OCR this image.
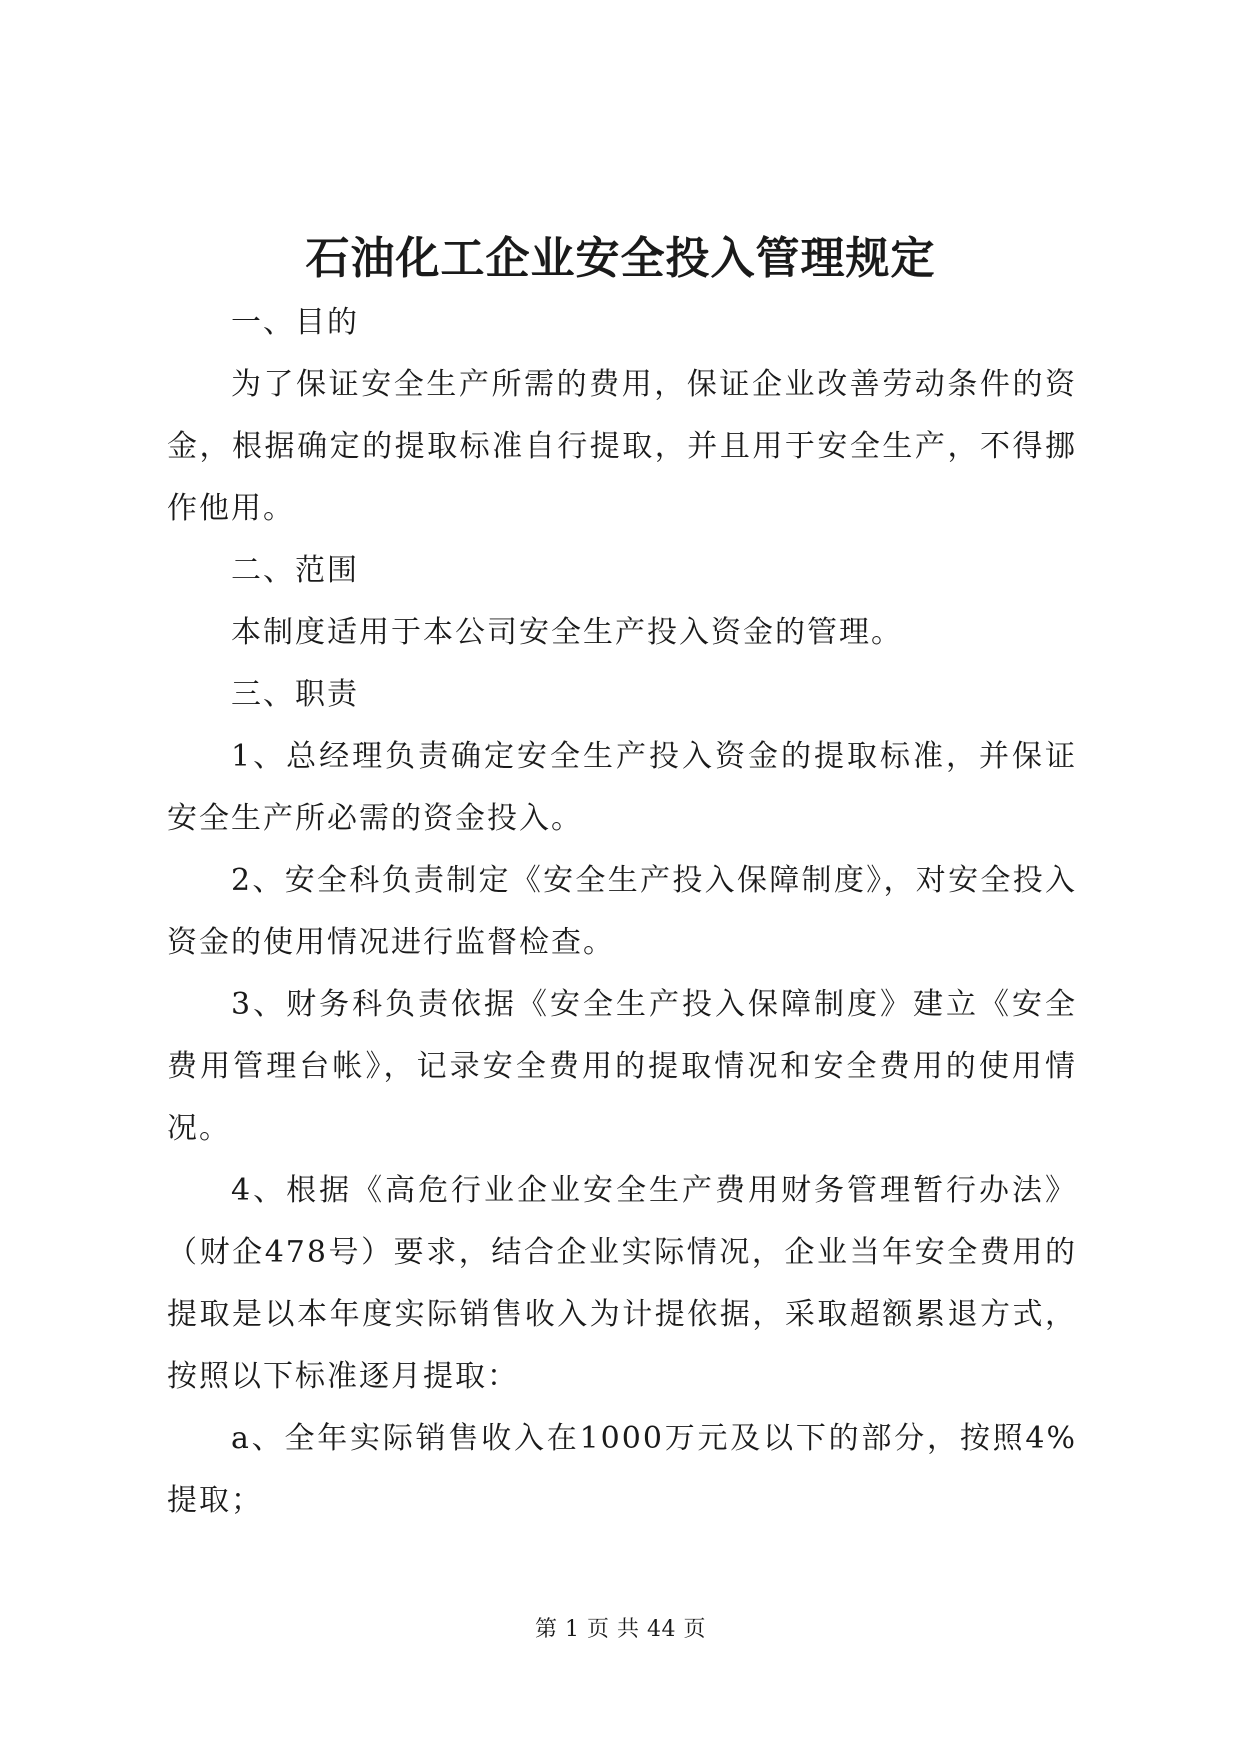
石油化工企业安全投入管理规定

一、目的

为了保证安全生产所需的费用，保证企业改善劳动条件的资金，根据确定的提取标准自行提取，并且用于安全生产，不得挪作他用。

二、范围

本制度适用于本公司安全生产投入资金的管理。

三、职责

1、总经理负责确定安全生产投入资金的提取标准，并保证安全生产所必需的资金投入。

2、安全科负责制定《安全生产投入保障制度》，对安全投入资金的使用情况进行监督检查。

3、财务科负责依据《安全生产投入保障制度》建立《安全费用管理台帐》，记录安全费用的提取情况和安全费用的使用情况。

4、根据《高危行业企业安全生产费用财务管理暂行办法》（财企478号）要求，结合企业实际情况，企业当年安全费用的提取是以本年度实际销售收入为计提依据，采取超额累退方式，按照以下标准逐月提取：

a、全年实际销售收入在1000万元及以下的部分，按照4%提取；

第 1 页 共 44 页
